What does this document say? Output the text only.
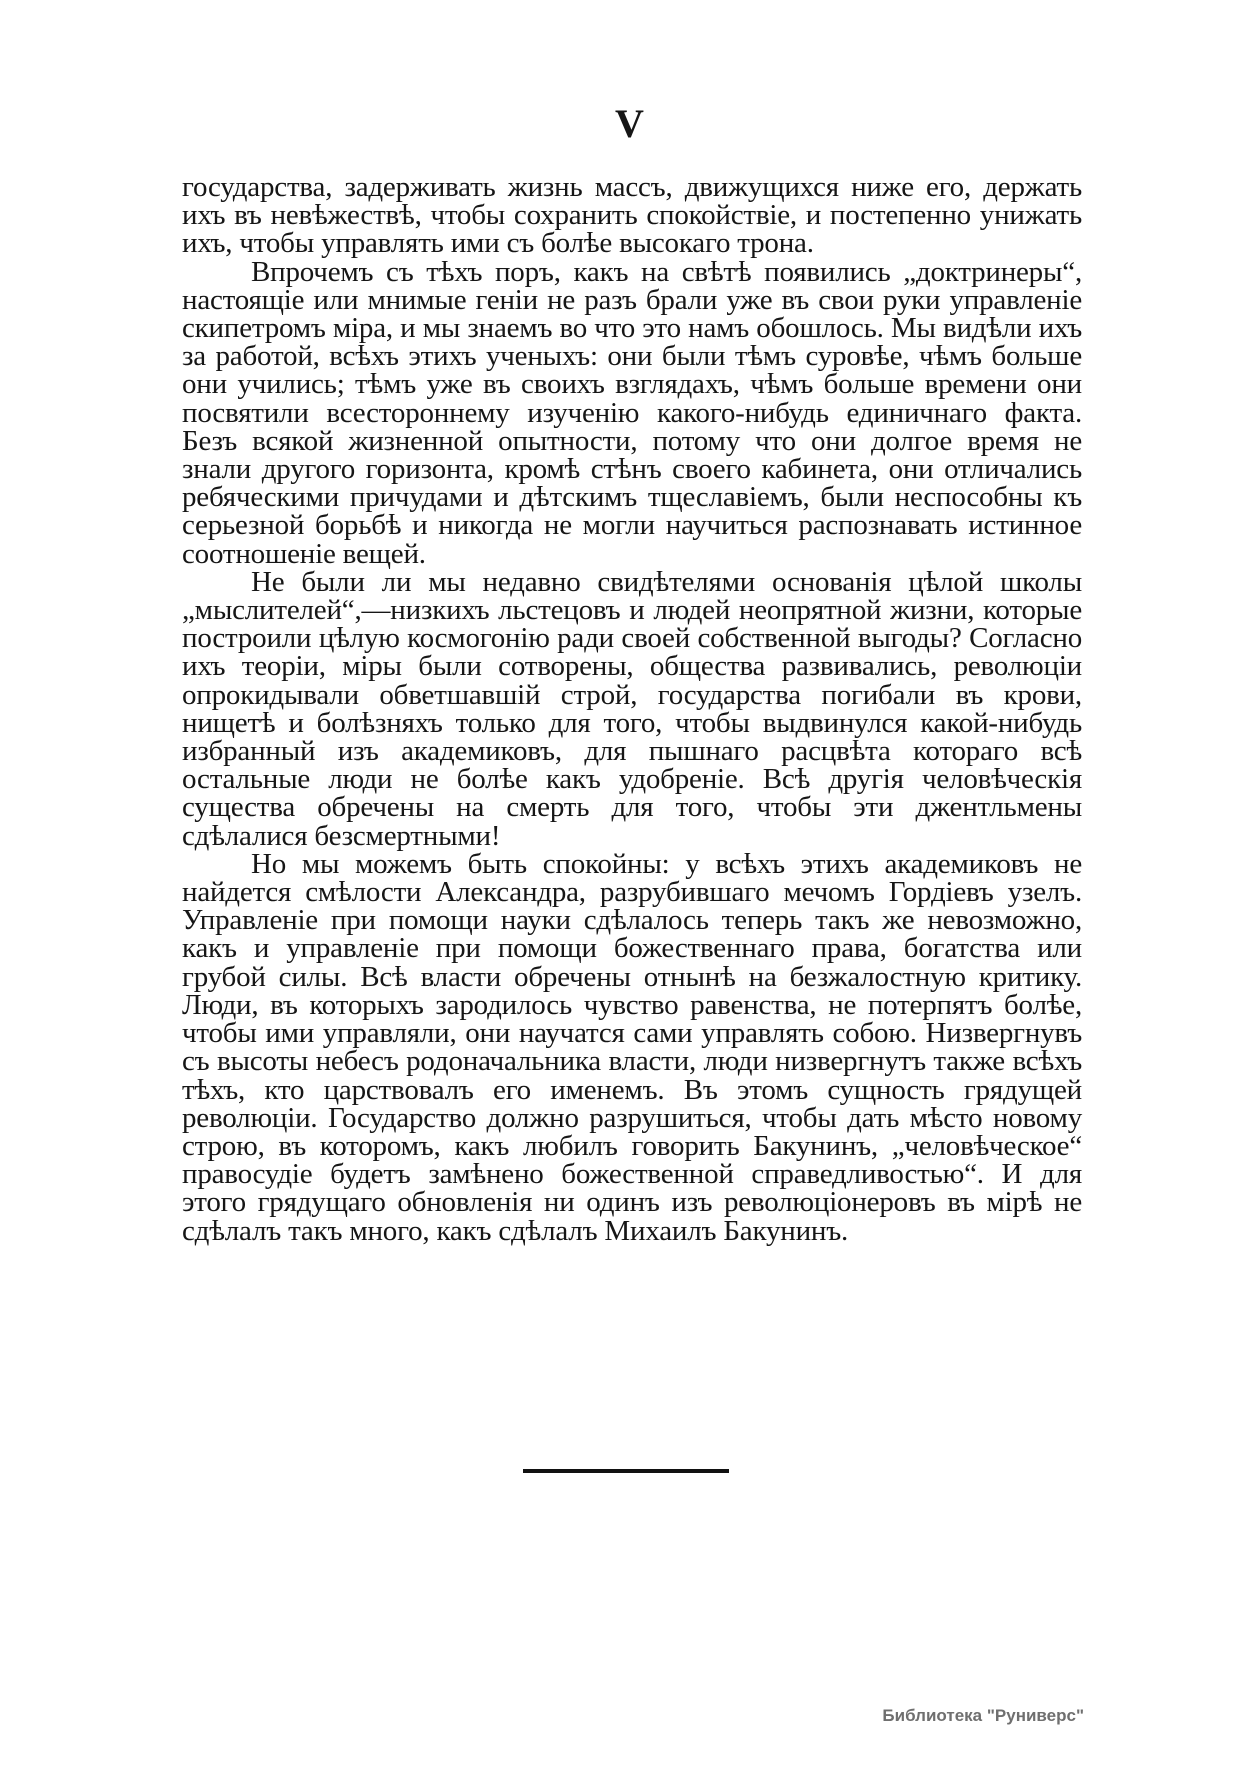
V

государства, задерживать жизнь массъ, движущихся ниже его, держать ихъ въ невѣжествѣ, чтобы сохранить спокойствіе, и постепенно унижать ихъ, чтобы управлять ими съ болѣе высокаго трона.

Впрочемъ съ тѣхъ поръ, какъ на свѣтѣ появились „доктринеры“, настоящіе или мнимые геніи не разъ брали уже въ свои руки управленіе скипетромъ міра, и мы знаемъ во что это намъ обошлось. Мы видѣли ихъ за работой, всѣхъ этихъ ученыхъ: они были тѣмъ суровѣе, чѣмъ больше они учились; тѣмъ уже въ своихъ взглядахъ, чѣмъ больше времени они посвятили всестороннему изученію какого-нибудь единичнаго факта. Безъ всякой жизненной опытности, потому что они долгое время не знали другого горизонта, кромѣ стѣнъ своего кабинета, они отличались ребяческими причудами и дѣтскимъ тщеславіемъ, были неспособны къ серьезной борьбѣ и никогда не могли научиться распознавать истинное соотношеніе вещей.

Не были ли мы недавно свидѣтелями основанія цѣлой школы „мыслителей“,—низкихъ льстецовъ и людей неопрятной жизни, которые построили цѣлую космогонію ради своей собственной выгоды? Согласно ихъ теоріи, міры были сотворены, общества развивались, революціи опрокидывали обветшавшій строй, государства погибали въ крови, нищетѣ и болѣзняхъ только для того, чтобы выдвинулся какой-нибудь избранный изъ академиковъ, для пышнаго расцвѣта котораго всѣ остальные люди не болѣе какъ удобреніе. Всѣ другія человѣческія существа обречены на смерть для того, чтобы эти джентльмены сдѣлалися безсмертными!

Но мы можемъ быть спокойны: у всѣхъ этихъ академиковъ не найдется смѣлости Александра, разрубившаго мечомъ Гордіевъ узелъ. Управленіе при помощи науки сдѣлалось теперь такъ же невозможно, какъ и управленіе при помощи божественнаго права, богатства или грубой силы. Всѣ власти обречены отнынѣ на безжалостную критику. Люди, въ которыхъ зародилось чувство равенства, не потерпятъ болѣе, чтобы ими управляли, они научатся сами управлять собою. Низвергнувъ съ высоты небесъ родоначальника власти, люди низвергнутъ также всѣхъ тѣхъ, кто царствовалъ его именемъ. Въ этомъ сущность грядущей революціи. Государство должно разрушиться, чтобы дать мѣсто новому строю, въ которомъ, какъ любилъ говорить Бакунинъ, „человѣческое“ правосудіе будетъ замѣнено божественной справедливостью“. И для этого грядущаго обновленія ни одинъ изъ революціонеровъ въ мірѣ не сдѣлалъ такъ много, какъ сдѣлалъ Михаилъ Бакунинъ.

Библиотека "Руниверс"
